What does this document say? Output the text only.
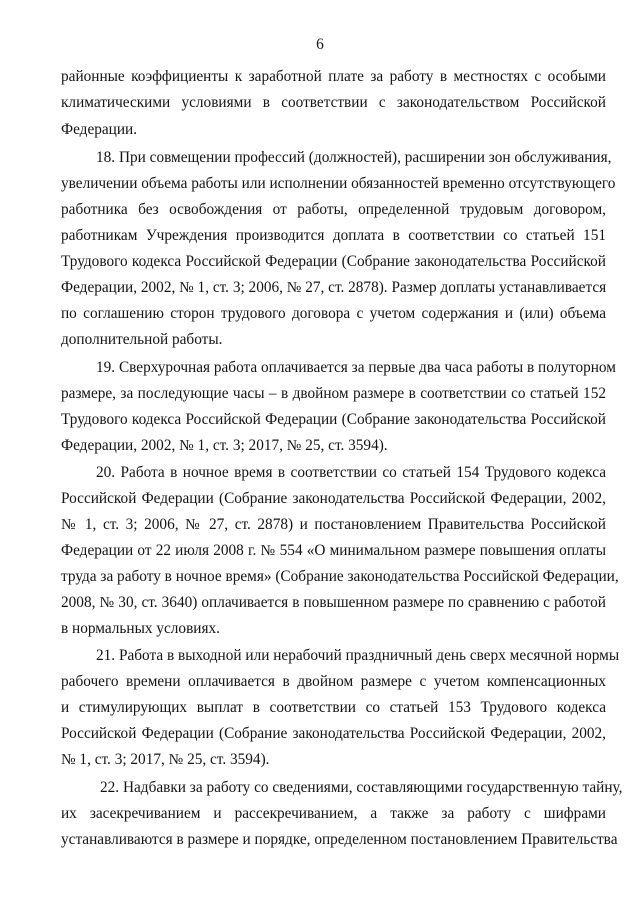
6
районные коэффициенты к заработной плате за работу в местностях с особыми
климатическими условиями в соответствии с законодательством Российской
Федерации.
18. При совмещении профессий (должностей), расширении зон обслуживания,
увеличении объема работы или исполнении обязанностей временно отсутствующего
работника без освобождения от работы, определенной трудовым договором,
работникам Учреждения производится доплата в соответствии со статьей 151
Трудового кодекса Российской Федерации (Собрание законодательства Российской
Федерации, 2002, № 1, ст. 3; 2006, № 27, ст. 2878). Размер доплаты устанавливается
по соглашению сторон трудового договора с учетом содержания и (или) объема
дополнительной работы.
19. Сверхурочная работа оплачивается за первые два часа работы в полуторном
размере, за последующие часы – в двойном размере в соответствии со статьей 152
Трудового кодекса Российской Федерации (Собрание законодательства Российской
Федерации, 2002, № 1, ст. 3; 2017, № 25, ст. 3594).
20. Работа в ночное время в соответствии со статьей 154 Трудового кодекса
Российской Федерации (Собрание законодательства Российской Федерации, 2002,
№ 1, ст. 3; 2006, № 27, ст. 2878) и постановлением Правительства Российской
Федерации от 22 июля 2008 г. № 554 «О минимальном размере повышения оплаты
труда за работу в ночное время» (Собрание законодательства Российской Федерации,
2008, № 30, ст. 3640) оплачивается в повышенном размере по сравнению с работой
в нормальных условиях.
21. Работа в выходной или нерабочий праздничный день сверх месячной нормы
рабочего времени оплачивается в двойном размере с учетом компенсационных
и стимулирующих выплат в соответствии со статьей 153 Трудового кодекса
Российской Федерации (Собрание законодательства Российской Федерации, 2002,
№ 1, ст. 3; 2017, № 25, ст. 3594).
22. Надбавки за работу со сведениями, составляющими государственную тайну,
их засекречиванием и рассекречиванием, а также за работу с шифрами
устанавливаются в размере и порядке, определенном постановлением Правительства
